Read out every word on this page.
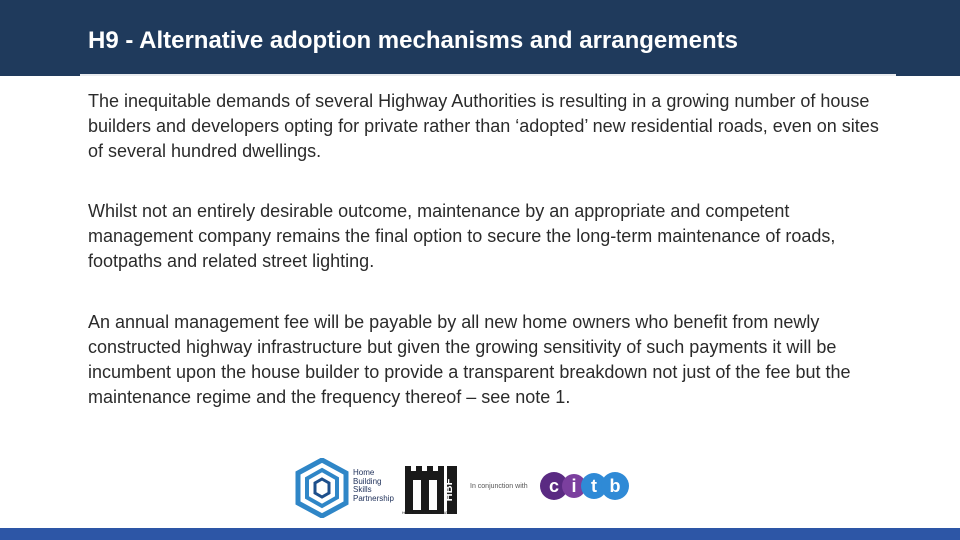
H9 - Alternative adoption mechanisms and arrangements
The inequitable demands of several Highway Authorities is resulting in a growing number of house builders and developers opting for private rather than ‘adopted’ new residential roads, even on sites of several hundred dwellings.
Whilst not an entirely desirable outcome, maintenance by an appropriate and competent management company remains the final option to secure the long-term maintenance of roads, footpaths and related street lighting.
An annual management fee will be payable by all new home owners who benefit from newly constructed highway infrastructure but given the growing sensitivity of such payments it will be incumbent upon the house builder to provide a transparent breakdown not just of the fee but the maintenance regime and the frequency thereof – see note 1.
Home
Building
Skills
Partnership	HBF
HOME BUILDERS FEDERATION
In conjunction with c i t b
